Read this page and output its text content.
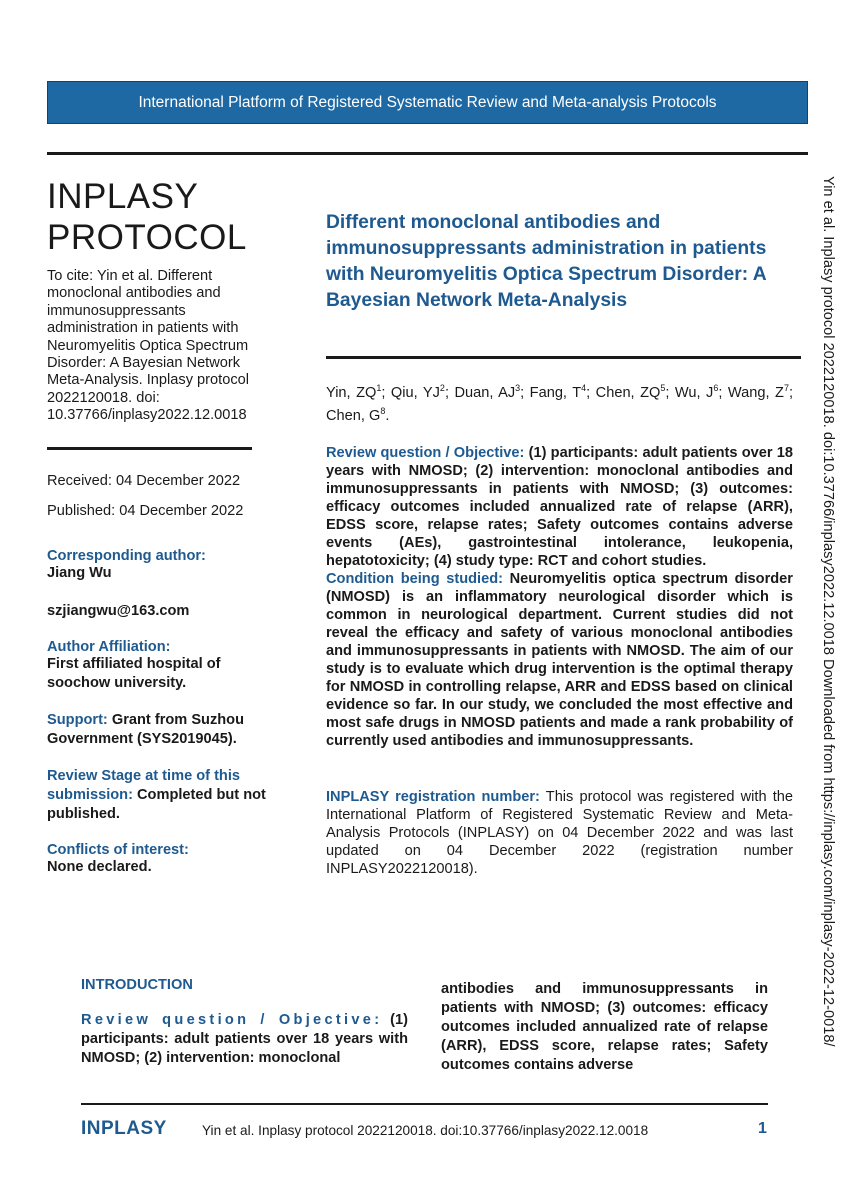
International Platform of Registered Systematic Review and Meta-analysis Protocols
INPLASY
PROTOCOL
To cite: Yin et al. Different monoclonal antibodies and immunosuppressants administration in patients with Neuromyelitis Optica Spectrum Disorder: A Bayesian Network Meta-Analysis. Inplasy protocol 2022120018. doi: 10.37766/inplasy2022.12.0018
Received: 04 December 2022
Published: 04 December 2022
Corresponding author:
Jiang Wu
szjiangwu@163.com
Author Affiliation:
First affiliated hospital of soochow university.
Support: Grant from Suzhou Government (SYS2019045).
Review Stage at time of this submission: Completed but not published.
Conflicts of interest:
None declared.
Different monoclonal antibodies and immunosuppressants administration in patients with Neuromyelitis Optica Spectrum Disorder: A Bayesian Network Meta-Analysis
Yin, $ZQ^1$; Qiu, $YJ^2$; Duan, $AJ^3$; Fang, $T^4$; Chen, $ZQ^5$; Wu, $J^6$; Wang, $Z^7$; Chen, $G^8$.
Review question / Objective: (1) participants: adult patients over 18 years with NMOSD; (2) intervention: monoclonal antibodies and immunosuppressants in patients with NMOSD; (3) outcomes: efficacy outcomes included annualized rate of relapse (ARR), EDSS score, relapse rates; Safety outcomes contains adverse events (AEs), gastrointestinal intolerance, leukopenia, hepatotoxicity; (4) study type: RCT and cohort studies.
Condition being studied: Neuromyelitis optica spectrum disorder (NMOSD) is an inflammatory neurological disorder which is common in neurological department. Current studies did not reveal the efficacy and safety of various monoclonal antibodies and immunosuppressants in patients with NMOSD. The aim of our study is to evaluate which drug intervention is the optimal therapy for NMOSD in controlling relapse, ARR and EDSS based on clinical evidence so far. In our study, we concluded the most effective and most safe drugs in NMOSD patients and made a rank probability of currently used antibodies and immunosuppressants.
INPLASY registration number: This protocol was registered with the International Platform of Registered Systematic Review and Meta-Analysis Protocols (INPLASY) on 04 December 2022 and was last updated on 04 December 2022 (registration number INPLASY2022120018).	Yin et al. Inplasy protocol 2022120018. doi:10.37766/inplasy2022.12.0018 Downloaded from https://inplasy.com/inplasy-2022-12-0018/
INTRODUCTION
Review question / Objective: (1) participants: adult patients over 18 years with NMOSD; (2) intervention: monoclonal
antibodies and immunosuppressants in patients with NMOSD; (3) outcomes: efficacy outcomes included annualized rate of relapse (ARR), EDSS score, relapse rates; Safety outcomes contains adverse
INPLASY	Yin et al. Inplasy protocol 2022120018. doi:10.37766/inplasy2022.12.0018	1
